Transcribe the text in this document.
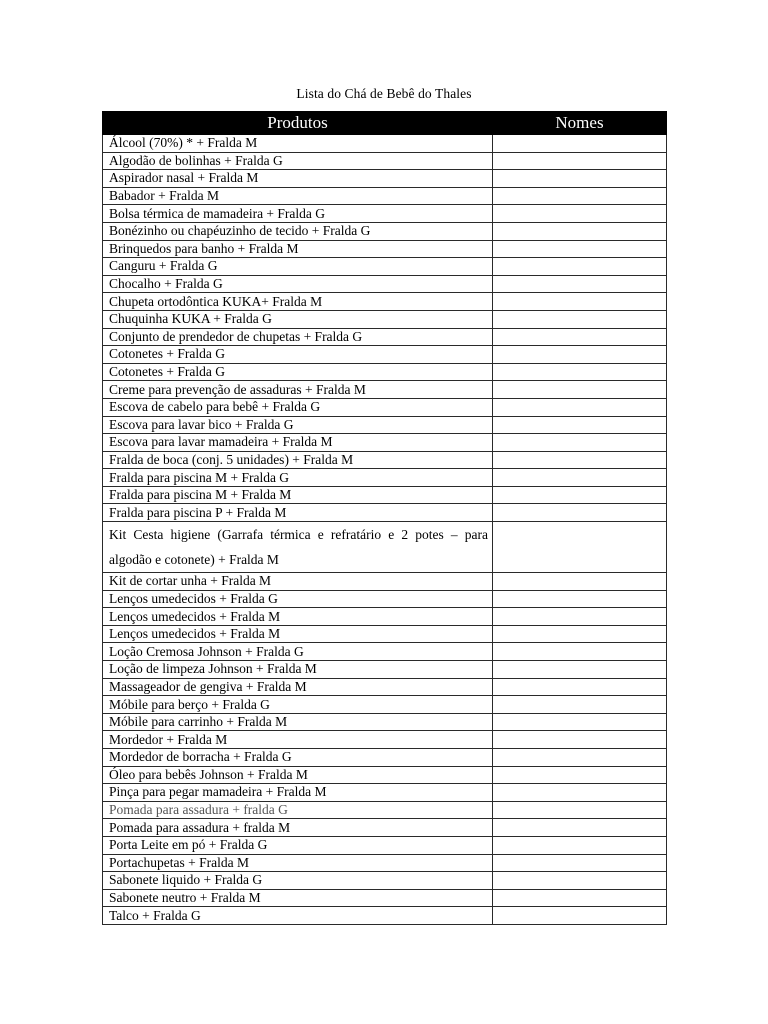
Lista do Chá de Bebê do Thales
Produtos	Nomes
Álcool (70%) * + Fralda M	
Algodão de bolinhas + Fralda G	
Aspirador nasal + Fralda M	
Babador + Fralda M	
Bolsa térmica de mamadeira + Fralda G	
Bonézinho ou chapéuzinho de tecido + Fralda G	
Brinquedos para banho + Fralda M	
Canguru + Fralda G	
Chocalho + Fralda G	
Chupeta ortodôntica KUKA+ Fralda M	
Chuquinha KUKA + Fralda G	
Conjunto de prendedor de chupetas + Fralda G	
Cotonetes + Fralda G	
Cotonetes + Fralda G	
Creme para prevenção de assaduras + Fralda M	
Escova de cabelo para bebê + Fralda G	
Escova para lavar bico + Fralda G	
Escova para lavar mamadeira + Fralda M	
Fralda de boca (conj. 5 unidades) + Fralda M	
Fralda para piscina M + Fralda G	
Fralda para piscina M + Fralda M	
Fralda para piscina P + Fralda M	
Kit Cesta higiene (Garrafa térmica e refratário e 2 potes – para algodão e cotonete) + Fralda M	
Kit de cortar unha + Fralda M	
Lenços umedecidos + Fralda G	
Lenços umedecidos + Fralda M	
Lenços umedecidos + Fralda M	
Loção Cremosa Johnson + Fralda G	
Loção de limpeza Johnson + Fralda M	
Massageador de gengiva + Fralda M	
Móbile para berço + Fralda G	
Móbile para carrinho + Fralda M	
Mordedor + Fralda M	
Mordedor de borracha + Fralda G	
Óleo para bebês Johnson + Fralda M	
Pinça para pegar mamadeira + Fralda M	
Pomada para assadura + fralda G	
Pomada para assadura + fralda M	
Porta Leite em pó + Fralda G	
Portachupetas + Fralda M	
Sabonete liquido + Fralda G	
Sabonete neutro + Fralda M	
Talco + Fralda G	
